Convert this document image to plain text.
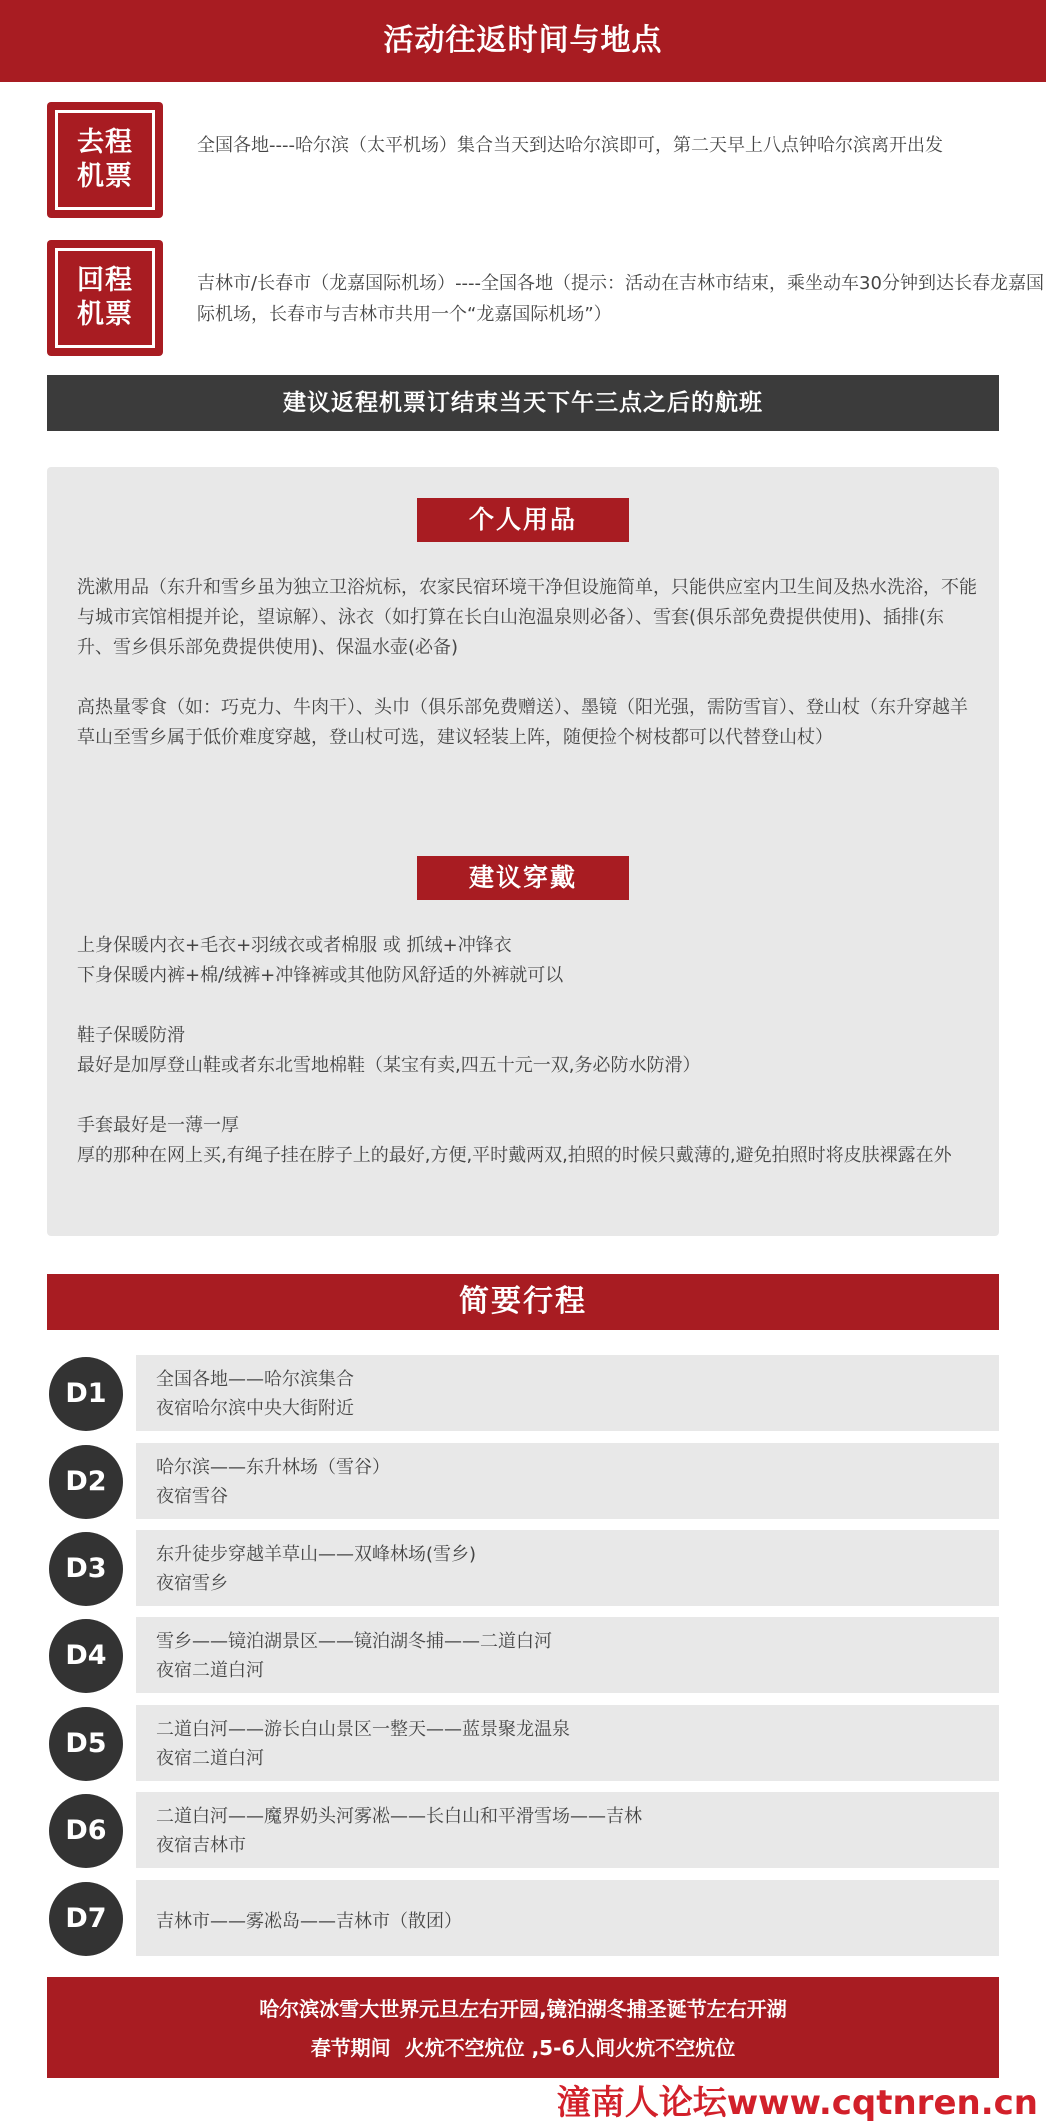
活动往返时间与地点
去程
机票
全国各地----哈尔滨（太平机场）集合当天到达哈尔滨即可，第二天早上八点钟哈尔滨离开出发
回程
机票
吉林市/长春市（龙嘉国际机场）----全国各地（提示：活动在吉林市结束，乘坐动车30分钟到达长春龙嘉国际机场，长春市与吉林市共用一个“龙嘉国际机场”）
建议返程机票订结束当天下午三点之后的航班
个人用品

洗漱用品（东升和雪乡虽为独立卫浴炕标，农家民宿环境干净但设施简单，只能供应室内卫生间及热水洗浴，不能与城市宾馆相提并论，望谅解）、泳衣（如打算在长白山泡温泉则必备）、雪套(俱乐部免费提供使用)、插排(东升、雪乡俱乐部免费提供使用)、保温水壶(必备)

高热量零食（如：巧克力、牛肉干）、头巾（俱乐部免费赠送）、墨镜（阳光强，需防雪盲）、登山杖（东升穿越羊草山至雪乡属于低价难度穿越，登山杖可选，建议轻装上阵，随便捡个树枝都可以代替登山杖）

建议穿戴

上身保暖内衣+毛衣+羽绒衣或者棉服 或 抓绒+冲锋衣

下身保暖内裤+棉/绒裤+冲锋裤或其他防风舒适的外裤就可以

鞋子保暖防滑

最好是加厚登山鞋或者东北雪地棉鞋（某宝有卖,四五十元一双,务必防水防滑）

手套最好是一薄一厚

厚的那种在网上买,有绳子挂在脖子上的最好,方便,平时戴两双,拍照的时候只戴薄的,避免拍照时将皮肤裸露在外

简要行程
D1	全国各地——哈尔滨集合
夜宿哈尔滨中央大街附近
D2	哈尔滨——东升林场（雪谷）
夜宿雪谷
D3	东升徒步穿越羊草山——双峰林场(雪乡)
夜宿雪乡
D4	雪乡——镜泊湖景区——镜泊湖冬捕——二道白河
夜宿二道白河
D5	二道白河——游长白山景区一整天——蓝景聚龙温泉
夜宿二道白河
D6	二道白河——魔界奶头河雾凇——长白山和平滑雪场——吉林
夜宿吉林市
D7	吉林市——雾凇岛——吉林市（散团）
哈尔滨冰雪大世界元旦左右开园,镜泊湖冬捕圣诞节左右开湖
春节期间  火炕不空炕位 ,5-6人间火炕不空炕位
潼南人论坛www.cqtnren.cn
